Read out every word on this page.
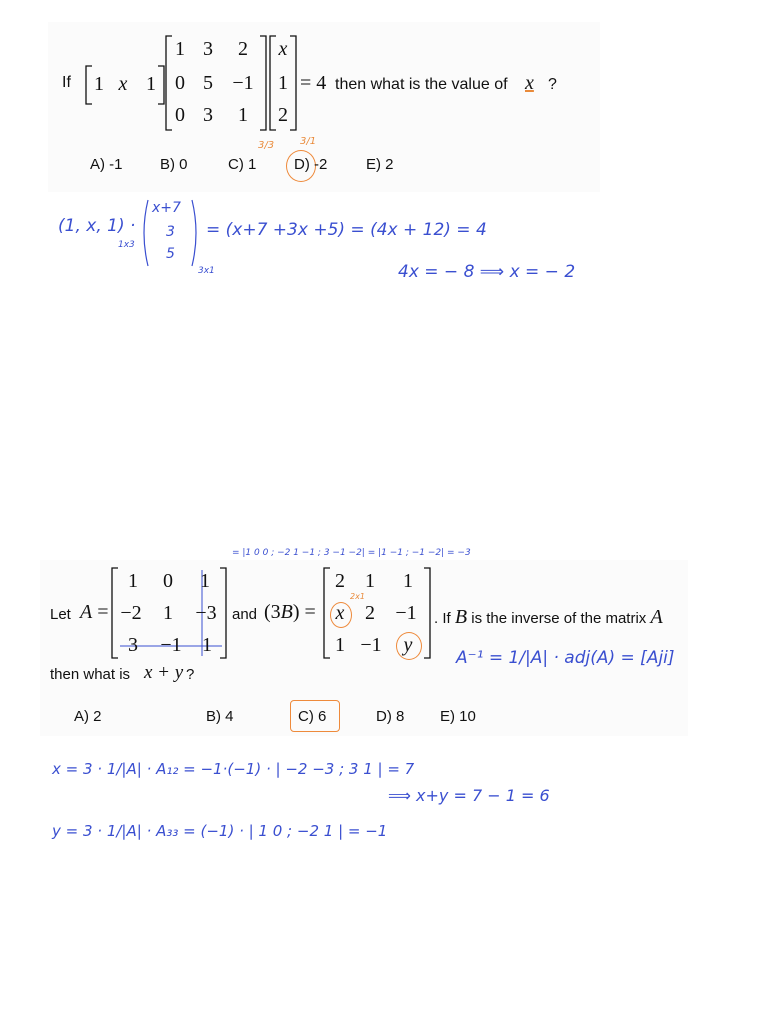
If 1 x 1
1 3	2
0 5 −1
0 3	1
x
1
2
= 4 then what is the value of x ?
3/3	3/1
A) -1 B) 0	C) 1	D) -2	E) 2
(1, x, 1) ·
1x3
x+7
3
5
3x1
= (x+7 +3x +5) = (4x + 12) = 4
4x = − 8 ⟹ x = − 2
= |1 0 0 ; −2 1 −1 ; 3 −1 −2| = |1 −1 ; −1 −2| = −3
Let A =
1	0	1
−2	1	−3
3	−1	1
and (3B) =
2	1	1
x	2	−1
1 −1	y
2x1
. If B is the inverse of the matrix A
then what is x + y ?
A⁻¹ = 1/|A| · adj(A) = [Aji]
A) 2	B) 4	C) 6	D) 8 E) 10
x = 3 · 1/|A| · A₁₂ = −1·(−1) · | −2 −3 ; 3 1 | = 7
⟹ x+y = 7 − 1 = 6
y = 3 · 1/|A| · A₃₃ = (−1) · | 1 0 ; −2 1 | = −1
